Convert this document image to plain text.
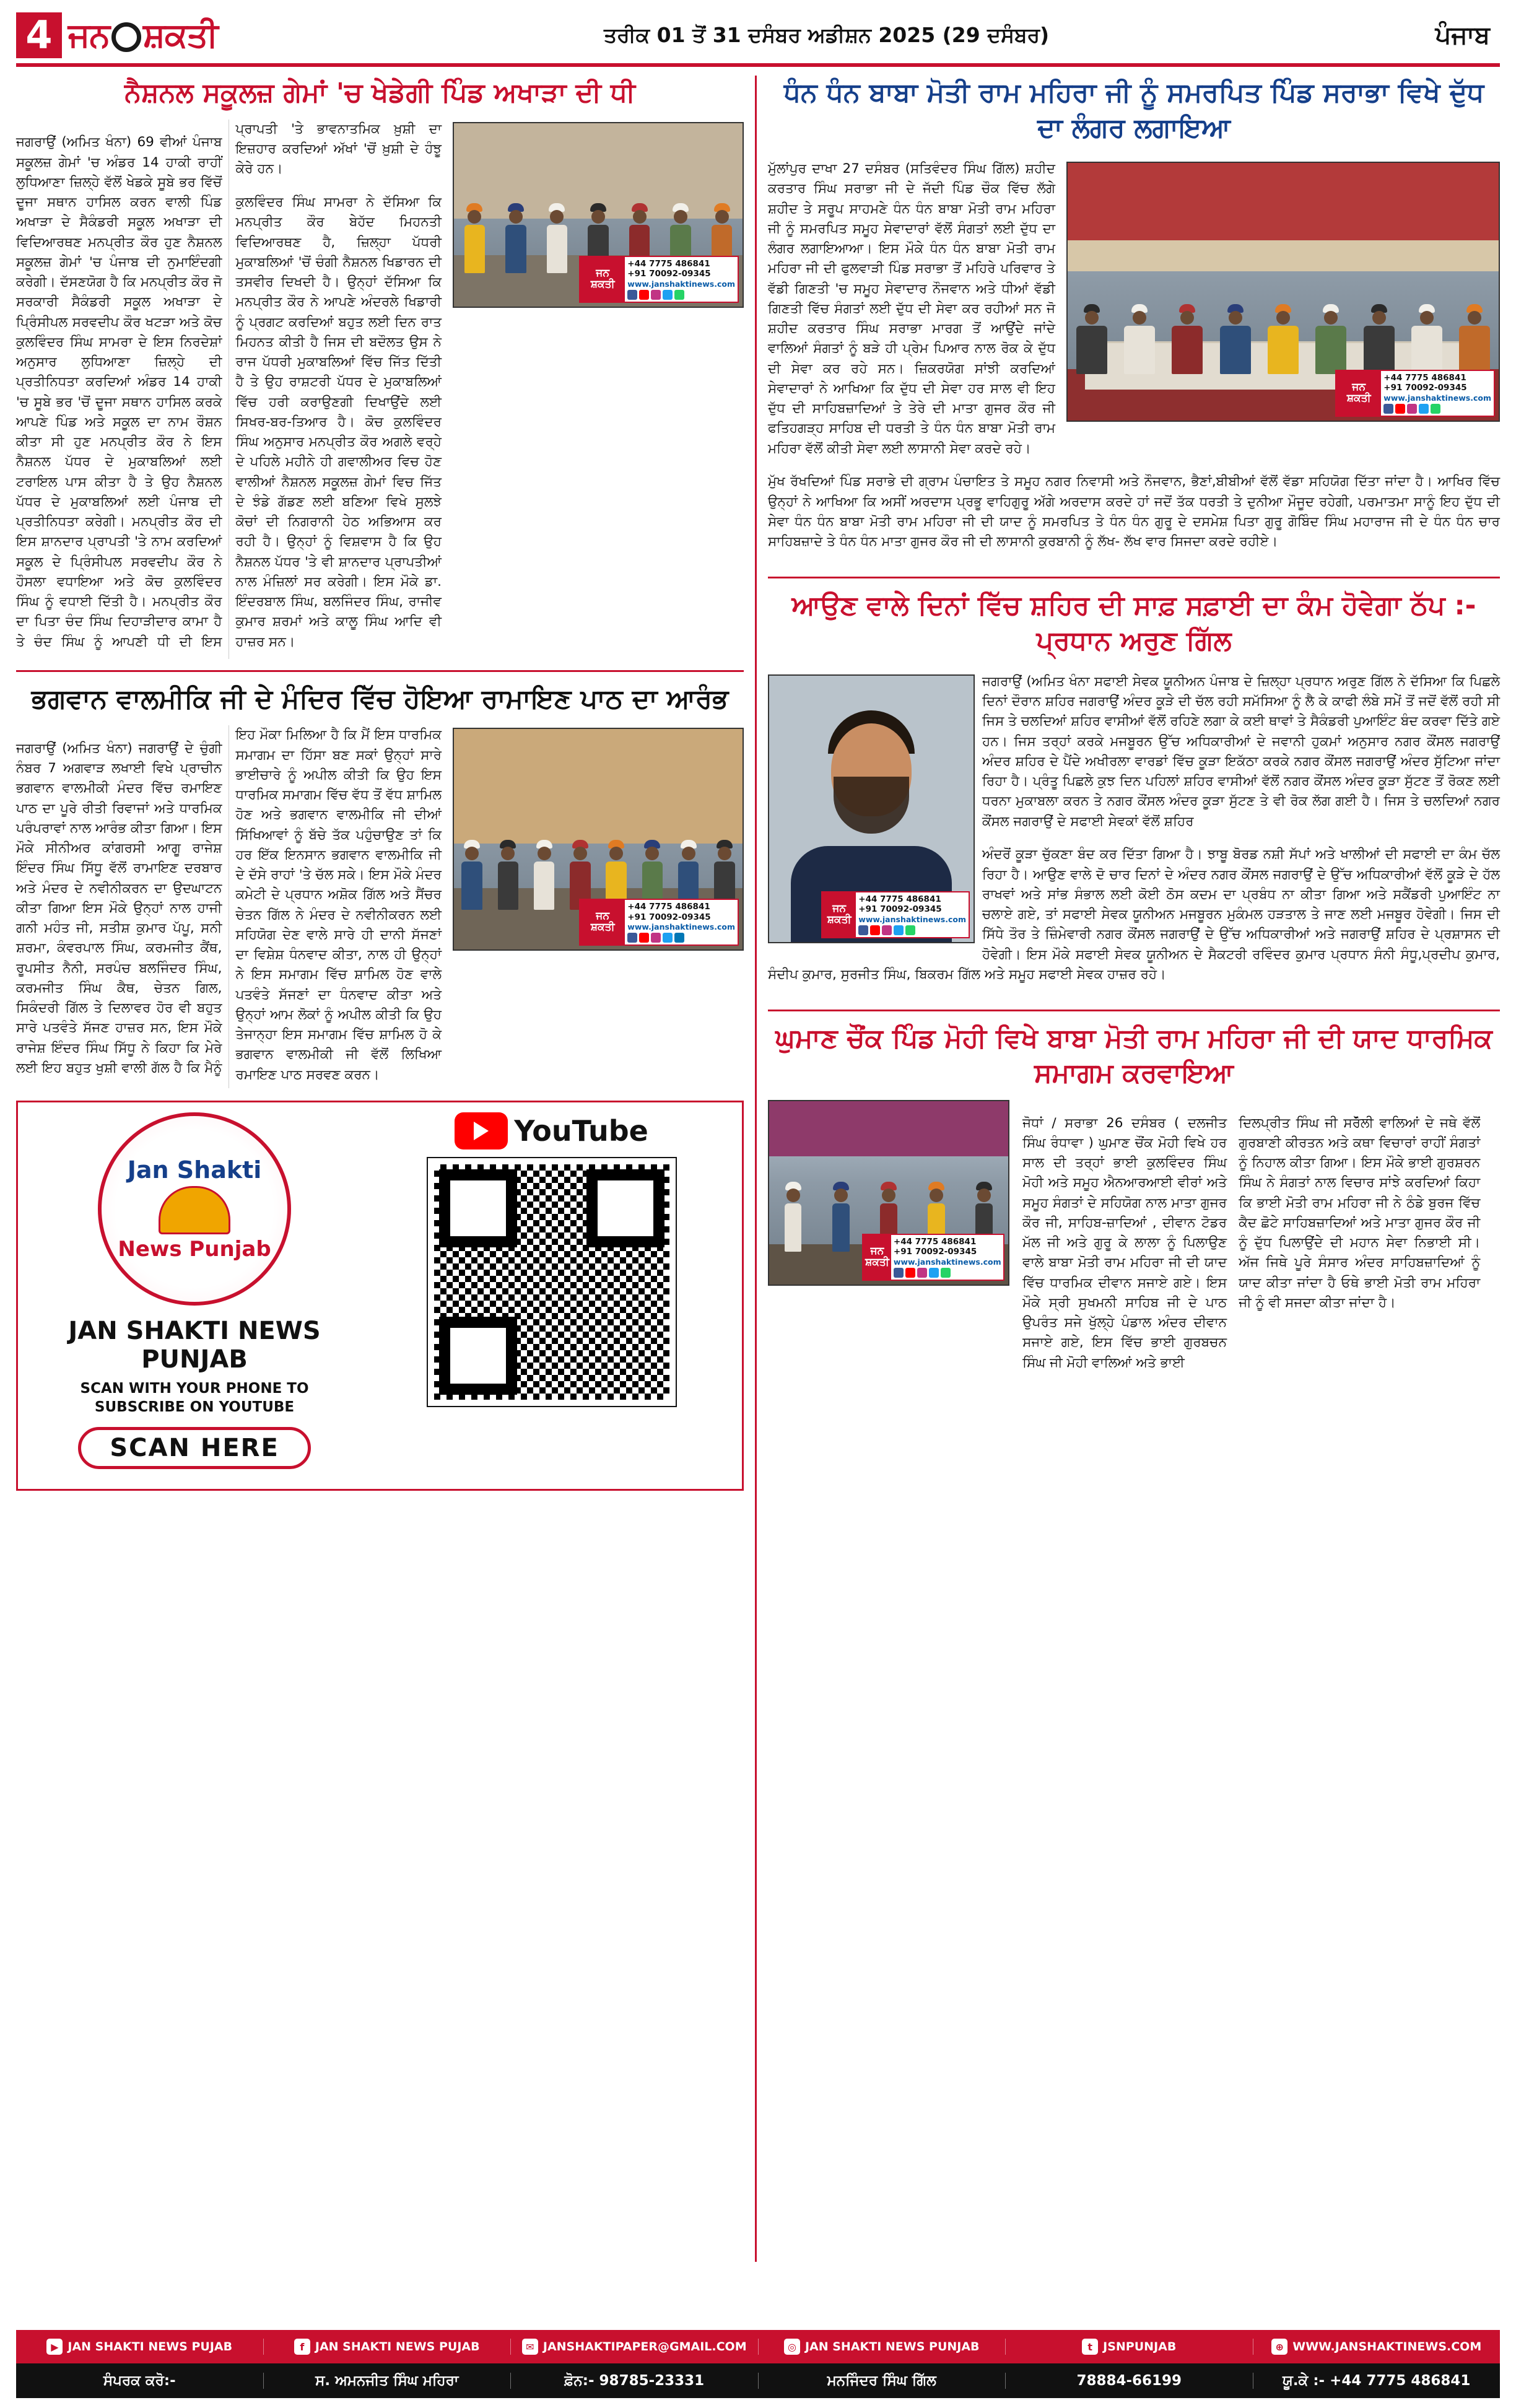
4 ਜਨ ਸ਼ਕਤੀ	ਤਰੀਕ 01 ਤੋਂ 31 ਦਸੰਬਰ ਅਡੀਸ਼ਨ 2025 (29 ਦਸੰਬਰ)	ਪੰਜਾਬ
ਨੈਸ਼ਨਲ ਸਕੂਲਜ਼ ਗੇਮਾਂ 'ਚ ਖੇਡੇਗੀ ਪਿੰਡ ਅਖਾੜਾ ਦੀ ਧੀ
ਜਨ ਸ਼ਕਤੀ
+44 7775 486841
+91 70092-09345
www.janshaktinews.com

ਜਗਰਾਉਂ (ਅਮਿਤ ਖੰਨਾ) 69 ਵੀਆਂ ਪੰਜਾਬ ਸਕੂਲਜ਼ ਗੇਮਾਂ 'ਚ ਅੰਡਰ 14 ਹਾਕੀ ਰਾਹੀਂ ਲੁਧਿਆਣਾ ਜ਼ਿਲ੍ਹੇ ਵੱਲੋਂ ਖੇਡਕੇ ਸੂਬੇ ਭਰ ਵਿੱਚੋਂ ਦੂਜਾ ਸਥਾਨ ਹਾਸਿਲ ਕਰਨ ਵਾਲੀ ਪਿੰਡ ਅਖਾੜਾ ਦੇ ਸੈਕੰਡਰੀ ਸਕੂਲ ਅਖਾੜਾ ਦੀ ਵਿਦਿਆਰਥਣ ਮਨਪ੍ਰੀਤ ਕੌਰ ਹੁਣ ਨੈਸ਼ਨਲ ਸਕੂਲਜ਼ ਗੇਮਾਂ 'ਚ ਪੰਜਾਬ ਦੀ ਨੁਮਾਇੰਦਗੀ ਕਰੇਗੀ। ਦੱਸਣਯੋਗ ਹੈ ਕਿ ਮਨਪ੍ਰੀਤ ਕੌਰ ਜੋ ਸਰਕਾਰੀ ਸੈਕੰਡਰੀ ਸਕੂਲ ਅਖਾੜਾ ਦੇ ਪ੍ਰਿੰਸੀਪਲ ਸਰਵਦੀਪ ਕੌਰ ਖਟੜਾ ਅਤੇ ਕੋਚ ਕੁਲਵਿੰਦਰ ਸਿੰਘ ਸਾਮਰਾ ਦੇ ਇਸ ਨਿਰਦੇਸ਼ਾਂ ਅਨੁਸਾਰ ਲੁਧਿਆਣਾ ਜ਼ਿਲ੍ਹੇ ਦੀ ਪ੍ਰਤੀਨਿਧਤਾ ਕਰਦਿਆਂ ਅੰਡਰ 14 ਹਾਕੀ 'ਚ ਸੂਬੇ ਭਰ 'ਚੋਂ ਦੂਜਾ ਸਥਾਨ ਹਾਸਿਲ ਕਰਕੇ ਆਪਣੇ ਪਿੰਡ ਅਤੇ ਸਕੂਲ ਦਾ ਨਾਮ ਰੌਸ਼ਨ ਕੀਤਾ ਸੀ ਹੁਣ ਮਨਪ੍ਰੀਤ ਕੌਰ ਨੇ ਇਸ ਨੈਸ਼ਨਲ ਪੱਧਰ ਦੇ ਮੁਕਾਬਲਿਆਂ ਲਈ ਟਰਾਇਲ ਪਾਸ ਕੀਤਾ ਹੈ ਤੇ ਉਹ ਨੈਸ਼ਨਲ ਪੱਧਰ ਦੇ ਮੁਕਾਬਲਿਆਂ ਲਈ ਪੰਜਾਬ ਦੀ ਪ੍ਰਤੀਨਿਧਤਾ ਕਰੇਗੀ। ਮਨਪ੍ਰੀਤ ਕੌਰ ਦੀ ਇਸ ਸ਼ਾਨਦਾਰ ਪ੍ਰਾਪਤੀ 'ਤੇ ਨਾਮ ਕਰਦਿਆਂ ਸਕੂਲ ਦੇ ਪ੍ਰਿੰਸੀਪਲ ਸਰਵਦੀਪ ਕੌਰ ਨੇ ਹੌਸਲਾ ਵਧਾਇਆ ਅਤੇ ਕੋਚ ਕੁਲਵਿੰਦਰ ਸਿੰਘ ਨੂੰ ਵਧਾਈ ਦਿੱਤੀ ਹੈ। ਮਨਪ੍ਰੀਤ ਕੌਰ ਦਾ ਪਿਤਾ ਚੰਦ ਸਿੰਘ ਦਿਹਾੜੀਦਾਰ ਕਾਮਾ ਹੈ ਤੇ ਚੰਦ ਸਿੰਘ ਨੂੰ ਆਪਣੀ ਧੀ ਦੀ ਇਸ ਪ੍ਰਾਪਤੀ 'ਤੇ ਭਾਵਨਾਤਮਿਕ ਖ਼ੁਸ਼ੀ ਦਾ ਇਜ਼ਹਾਰ ਕਰਦਿਆਂ ਅੱਖਾਂ 'ਚੋਂ ਖ਼ੁਸ਼ੀ ਦੇ ਹੰਝੂ ਕੇਰੇ ਹਨ।

ਕੁਲਵਿੰਦਰ ਸਿੰਘ ਸਾਮਰਾ ਨੇ ਦੱਸਿਆ ਕਿ ਮਨਪ੍ਰੀਤ ਕੌਰ ਬੇਹੱਦ ਮਿਹਨਤੀ ਵਿਦਿਆਰਥਣ ਹੈ, ਜ਼ਿਲ੍ਹਾ ਪੱਧਰੀ ਮੁਕਾਬਲਿਆਂ 'ਚੋਂ ਚੰਗੀ ਨੈਸ਼ਨਲ ਖਿਡਾਰਨ ਦੀ ਤਸਵੀਰ ਦਿਖਦੀ ਹੈ। ਉਨ੍ਹਾਂ ਦੱਸਿਆ ਕਿ ਮਨਪ੍ਰੀਤ ਕੌਰ ਨੇ ਆਪਣੇ ਅੰਦਰਲੇ ਖਿਡਾਰੀ ਨੂੰ ਪ੍ਰਗਟ ਕਰਦਿਆਂ ਬਹੁਤ ਲਈ ਦਿਨ ਰਾਤ ਮਿਹਨਤ ਕੀਤੀ ਹੈ ਜਿਸ ਦੀ ਬਦੌਲਤ ਉਸ ਨੇ ਰਾਜ ਪੱਧਰੀ ਮੁਕਾਬਲਿਆਂ ਵਿੱਚ ਜਿੱਤ ਦਿੱਤੀ ਹੈ ਤੇ ਉਹ ਰਾਸ਼ਟਰੀ ਪੱਧਰ ਦੇ ਮੁਕਾਬਲਿਆਂ ਵਿੱਚ ਹਰੀ ਕਰਾਉਣਗੀ ਦਿਖਾਉਂਦੇ ਲਈ ਸਿਖਰ-ਬਰ-ਤਿਆਰ ਹੈ। ਕੋਚ ਕੁਲਵਿੰਦਰ ਸਿੰਘ ਅਨੁਸਾਰ ਮਨਪ੍ਰੀਤ ਕੌਰ ਅਗਲੇ ਵਰ੍ਹੇ ਦੇ ਪਹਿਲੇ ਮਹੀਨੇ ਹੀ ਗਵਾਲੀਅਰ ਵਿਚ ਹੋਣ ਵਾਲੀਆਂ ਨੈਸ਼ਨਲ ਸਕੂਲਜ਼ ਗੇਮਾਂ ਵਿਚ ਜਿੱਤ ਦੇ ਝੰਡੇ ਗੱਡਣ ਲਈ ਬਣਿਆ ਵਿਖੇ ਸੁਲਝੇ ਕੋਚਾਂ ਦੀ ਨਿਗਰਾਨੀ ਹੇਠ ਅਭਿਆਸ ਕਰ ਰਹੀ ਹੈ। ਉਨ੍ਹਾਂ ਨੂੰ ਵਿਸ਼ਵਾਸ ਹੈ ਕਿ ਉਹ ਨੈਸ਼ਨਲ ਪੱਧਰ 'ਤੇ ਵੀ ਸ਼ਾਨਦਾਰ ਪ੍ਰਾਪਤੀਆਂ ਨਾਲ ਮੰਜ਼ਿਲਾਂ ਸਰ ਕਰੇਗੀ। ਇਸ ਮੌਕੇ ਡਾ. ਇੰਦਰਬਾਲ ਸਿੰਘ, ਬਲਜਿੰਦਰ ਸਿੰਘ, ਰਾਜੀਵ ਕੁਮਾਰ ਸ਼ਰਮਾਂ ਅਤੇ ਕਾਲੂ ਸਿੰਘ ਆਦਿ ਵੀ ਹਾਜ਼ਰ ਸਨ।

ਭਗਵਾਨ ਵਾਲਮੀਕਿ ਜੀ ਦੇ ਮੰਦਿਰ ਵਿੱਚ ਹੋਇਆ ਰਾਮਾਇਣ ਪਾਠ ਦਾ ਆਰੰਭ
ਜਨ ਸ਼ਕਤੀ
+44 7775 486841
+91 70092-09345
www.janshaktinews.com

ਜਗਰਾਉਂ (ਅਮਿਤ ਖੰਨਾ) ਜਗਰਾਉਂ ਦੇ ਚੁੰਗੀ ਨੰਬਰ 7 ਅਗਵਾੜ ਲਖਾਈ ਵਿਖੇ ਪ੍ਰਾਚੀਨ ਭਗਵਾਨ ਵਾਲਮੀਕੀ ਮੰਦਰ ਵਿੱਚ ਰਮਾਇਣ ਪਾਠ ਦਾ ਪੂਰੇ ਰੀਤੀ ਰਿਵਾਜਾਂ ਅਤੇ ਧਾਰਮਿਕ ਪਰੰਪਰਾਵਾਂ ਨਾਲ ਆਰੰਭ ਕੀਤਾ ਗਿਆ। ਇਸ ਮੌਕੇ ਸੀਨੀਅਰ ਕਾਂਗਰਸੀ ਆਗੂ ਰਾਜੇਸ਼ ਇੰਦਰ ਸਿੰਘ ਸਿੱਧੂ ਵੱਲੋਂ ਰਾਮਾਇਣ ਦਰਬਾਰ ਅਤੇ ਮੰਦਰ ਦੇ ਨਵੀਨੀਕਰਨ ਦਾ ਉਦਘਾਟਨ ਕੀਤਾ ਗਿਆ ਇਸ ਮੌਕੇ ਉਨ੍ਹਾਂ ਨਾਲ ਹਾਜੀ ਗਨੀ ਮਹੰਤ ਜੀ, ਸਤੀਸ਼ ਕੁਮਾਰ ਪੱਪੂ, ਸਨੀ ਸ਼ਰਮਾ, ਕੰਵਰਪਾਲ ਸਿੰਘ, ਕਰਮਜੀਤ ਕੈਂਥ, ਰੂਪਸੀਤ ਨੈਨੀ, ਸਰਪੰਚ ਬਲਜਿੰਦਰ ਸਿੰਘ, ਕਰਮਜੀਤ ਸਿੰਘ ਕੈਥ, ਚੇਤਨ ਗਿਲ, ਸਿਕੰਦਰੀ ਗਿੱਲ ਤੇ ਦਿਲਾਵਰ ਹੋਰ ਵੀ ਬਹੁਤ ਸਾਰੇ ਪਤਵੰਤੇ ਸੱਜਣ ਹਾਜ਼ਰ ਸਨ, ਇਸ ਮੌਕੇ ਰਾਜੇਸ਼ ਇੰਦਰ ਸਿੰਘ ਸਿੱਧੂ ਨੇ ਕਿਹਾ ਕਿ ਮੇਰੇ ਲਈ ਇਹ ਬਹੁਤ ਖੁਸ਼ੀ ਵਾਲੀ ਗੱਲ ਹੈ ਕਿ ਮੈਨੂੰ ਇਹ ਮੌਕਾ ਮਿਲਿਆ ਹੈ ਕਿ ਮੈਂ ਇਸ ਧਾਰਮਿਕ ਸਮਾਗਮ ਦਾ ਹਿੱਸਾ ਬਣ ਸਕਾਂ ਉਨ੍ਹਾਂ ਸਾਰੇ ਭਾਈਚਾਰੇ ਨੂੰ ਅਪੀਲ ਕੀਤੀ ਕਿ ਉਹ ਇਸ ਧਾਰਮਿਕ ਸਮਾਗਮ ਵਿੱਚ ਵੱਧ ਤੋਂ ਵੱਧ ਸ਼ਾਮਿਲ ਹੋਣ ਅਤੇ ਭਗਵਾਨ ਵਾਲਮੀਕਿ ਜੀ ਦੀਆਂ ਸਿੱਖਿਆਵਾਂ ਨੂੰ ਬੱਚੇ ਤੱਕ ਪਹੁੰਚਾਉਣ ਤਾਂ ਕਿ ਹਰ ਇੱਕ ਇਨਸਾਨ ਭਗਵਾਨ ਵਾਲਮੀਕਿ ਜੀ ਦੇ ਦੱਸੇ ਰਾਹਾਂ 'ਤੇ ਚੱਲ ਸਕੇ। ਇਸ ਮੌਕੇ ਮੰਦਰ ਕਮੇਟੀ ਦੇ ਪ੍ਰਧਾਨ ਅਸ਼ੋਕ ਗਿੱਲ ਅਤੇ ਸੈਂਚਰ ਚੇਤਨ ਗਿੱਲ ਨੇ ਮੰਦਰ ਦੇ ਨਵੀਨੀਕਰਨ ਲਈ ਸਹਿਯੋਗ ਦੇਣ ਵਾਲੇ ਸਾਰੇ ਹੀ ਦਾਨੀ ਸੱਜਣਾਂ ਦਾ ਵਿਸ਼ੇਸ਼ ਧੰਨਵਾਦ ਕੀਤਾ, ਨਾਲ ਹੀ ਉਨ੍ਹਾਂ ਨੇ ਇਸ ਸਮਾਗਮ ਵਿੱਚ ਸ਼ਾਮਿਲ ਹੋਣ ਵਾਲੇ ਪਤਵੰਤੇ ਸੱਜਣਾਂ ਦਾ ਧੰਨਵਾਦ ਕੀਤਾ ਅਤੇ ਉਨ੍ਹਾਂ ਆਮ ਲੋਕਾਂ ਨੂੰ ਅਪੀਲ ਕੀਤੀ ਕਿ ਉਹ ਤੇਜਾਨ੍ਹਾ ਇਸ ਸਮਾਗਮ ਵਿੱਚ ਸ਼ਾਮਿਲ ਹੋ ਕੇ ਭਗਵਾਨ ਵਾਲਮੀਕੀ ਜੀ ਵੱਲੋਂ ਲਿਖਿਆ ਰਮਾਇਣ ਪਾਠ ਸਰਵਣ ਕਰਨ।

Jan Shakti
News Punjab
JAN SHAKTI NEWS PUNJAB
SCAN WITH YOUR PHONE TO
SUBSCRIBE ON YOUTUBE
SCAN HERE
YouTube
ਧੰਨ ਧੰਨ ਬਾਬਾ ਮੋਤੀ ਰਾਮ ਮਹਿਰਾ ਜੀ ਨੂੰ ਸਮਰਪਿਤ ਪਿੰਡ ਸਰਾਭਾ ਵਿਖੇ ਦੁੱਧ ਦਾ ਲੰਗਰ ਲਗਾਇਆ
ਜਨ ਸ਼ਕਤੀ
+44 7775 486841
+91 70092-09345
www.janshaktinews.com

ਮੁੱਲਾਂਪੁਰ ਦਾਖਾ 27 ਦਸੰਬਰ (ਸਤਿਵੰਦਰ ਸਿੰਘ ਗਿੱਲ) ਸ਼ਹੀਦ ਕਰਤਾਰ ਸਿੰਘ ਸਰਾਭਾ ਜੀ ਦੇ ਜੱਦੀ ਪਿੰਡ ਚੌਕ ਵਿੱਚ ਲੱਗੇ ਸ਼ਹੀਦ ਤੇ ਸਰੂਪ ਸਾਹਮਣੇ ਧੰਨ ਧੰਨ ਬਾਬਾ ਮੋਤੀ ਰਾਮ ਮਹਿਰਾ ਜੀ ਨੂੰ ਸਮਰਪਿਤ ਸਮੂਹ ਸੇਵਾਦਾਰਾਂ ਵੱਲੋਂ ਸੰਗਤਾਂ ਲਈ ਦੁੱਧ ਦਾ ਲੰਗਰ ਲਗਾਇਆਆ। ਇਸ ਮੌਕੇ ਧੰਨ ਧੰਨ ਬਾਬਾ ਮੋਤੀ ਰਾਮ ਮਹਿਰਾ ਜੀ ਦੀ ਫੁਲਵਾੜੀ ਪਿੰਡ ਸਰਾਭਾ ਤੋਂ ਮਹਿਰੇ ਪਰਿਵਾਰ ਤੇ ਵੱਡੀ ਗਿਣਤੀ 'ਚ ਸਮੂਹ ਸੇਵਾਦਾਰ ਨੌਜਵਾਨ ਅਤੇ ਧੀਆਂ ਵੱਡੀ ਗਿਣਤੀ ਵਿੱਚ ਸੰਗਤਾਂ ਲਈ ਦੁੱਧ ਦੀ ਸੇਵਾ ਕਰ ਰਹੀਆਂ ਸਨ ਜੋ ਸ਼ਹੀਦ ਕਰਤਾਰ ਸਿੰਘ ਸਰਾਭਾ ਮਾਰਗ ਤੋਂ ਆਉਂਦੇ ਜਾਂਦੇ ਵਾਲਿਆਂ ਸੰਗਤਾਂ ਨੂੰ ਬੜੇ ਹੀ ਪ੍ਰੇਮ ਪਿਆਰ ਨਾਲ ਰੋਕ ਕੇ ਦੁੱਧ ਦੀ ਸੇਵਾ ਕਰ ਰਹੇ ਸਨ। ਜ਼ਿਕਰਯੋਗ ਸਾਂਝੀ ਕਰਦਿਆਂ ਸੇਵਾਦਾਰਾਂ ਨੇ ਆਖਿਆ ਕਿ ਦੁੱਧ ਦੀ ਸੇਵਾ ਹਰ ਸਾਲ ਵੀ ਇਹ ਦੁੱਧ ਦੀ ਸਾਹਿਬਜ਼ਾਦਿਆਂ ਤੇ ਤੇਰੇ ਦੀ ਮਾਤਾ ਗੁਜਰ ਕੌਰ ਜੀ ਫਤਿਹਗੜ੍ਹ ਸਾਹਿਬ ਦੀ ਧਰਤੀ ਤੇ ਧੰਨ ਧੰਨ ਬਾਬਾ ਮੋਤੀ ਰਾਮ ਮਹਿਰਾ ਵੱਲੋਂ ਕੀਤੀ ਸੇਵਾ ਲਈ ਲਾਸਾਨੀ ਸੇਵਾ ਕਰਦੇ ਰਹੇ।

ਮੁੱਖ ਰੱਖਦਿਆਂ ਪਿੰਡ ਸਰਾਭੇ ਦੀ ਗ੍ਰਾਮ ਪੰਚਾਇਤ ਤੇ ਸਮੂਹ ਨਗਰ ਨਿਵਾਸੀ ਅਤੇ ਨੌਜਵਾਨ, ਭੈਣਾਂ,ਬੀਬੀਆਂ ਵੱਲੋਂ ਵੱਡਾ ਸਹਿਯੋਗ ਦਿੱਤਾ ਜਾਂਦਾ ਹੈ। ਆਖਿਰ ਵਿੱਚ ਉਨ੍ਹਾਂ ਨੇ ਆਖਿਆ ਕਿ ਅਸੀਂ ਅਰਦਾਸ ਪ੍ਰਭੂ ਵਾਹਿਗੁਰੂ ਅੱਗੇ ਅਰਦਾਸ ਕਰਦੇ ਹਾਂ ਜਦੋਂ ਤੱਕ ਧਰਤੀ ਤੇ ਦੁਨੀਆ ਮੌਜੂਦ ਰਹੇਗੀ, ਪਰਮਾਤਮਾ ਸਾਨੂੰ ਇਹ ਦੁੱਧ ਦੀ ਸੇਵਾ ਧੰਨ ਧੰਨ ਬਾਬਾ ਮੋਤੀ ਰਾਮ ਮਹਿਰਾ ਜੀ ਦੀ ਯਾਦ ਨੂੰ ਸਮਰਪਿਤ ਤੇ ਧੰਨ ਧੰਨ ਗੁਰੂ ਦੇ ਦਸਮੇਸ਼ ਪਿਤਾ ਗੁਰੂ ਗੋਬਿੰਦ ਸਿੰਘ ਮਹਾਰਾਜ ਜੀ ਦੇ ਧੰਨ ਧੰਨ ਚਾਰ ਸਾਹਿਬਜ਼ਾਦੇ ਤੇ ਧੰਨ ਧੰਨ ਮਾਤਾ ਗੁਜਰ ਕੌਰ ਜੀ ਦੀ ਲਾਸਾਨੀ ਕੁਰਬਾਨੀ ਨੂੰ ਲੱਖ- ਲੱਖ ਵਾਰ ਸਿਜਦਾ ਕਰਦੇ ਰਹੀਏ।

ਆਉਣ ਵਾਲੇ ਦਿਨਾਂ ਵਿੱਚ ਸ਼ਹਿਰ ਦੀ ਸਾਫ਼ ਸਫ਼ਾਈ ਦਾ ਕੰਮ ਹੋਵੇਗਾ ਠੱਪ :- ਪ੍ਰਧਾਨ ਅਰੁਣ ਗਿੱਲ
ਜਨ ਸ਼ਕਤੀ
+44 7775 486841
+91 70092-09345
www.janshaktinews.com

ਜਗਰਾਉਂ (ਅਮਿਤ ਖੰਨਾ ਸਫਾਈ ਸੇਵਕ ਯੂਨੀਅਨ ਪੰਜਾਬ ਦੇ ਜ਼ਿਲ੍ਹਾ ਪ੍ਰਧਾਨ ਅਰੁਣ ਗਿੱਲ ਨੇ ਦੱਸਿਆ ਕਿ ਪਿਛਲੇ ਦਿਨਾਂ ਦੌਰਾਨ ਸ਼ਹਿਰ ਜਗਰਾਉਂ ਅੰਦਰ ਕੂੜੇ ਦੀ ਚੱਲ ਰਹੀ ਸਮੱਸਿਆ ਨੂੰ ਲੈ ਕੇ ਕਾਫੀ ਲੰਬੇ ਸਮੇਂ ਤੋਂ ਜਦੋਂ ਵੱਲੋਂ ਰਹੀ ਸੀ ਜਿਸ ਤੇ ਚਲਦਿਆਂ ਸ਼ਹਿਰ ਵਾਸੀਆਂ ਵੱਲੋਂ ਰਹਿਣੇ ਲਗਾ ਕੇ ਕਈ ਥਾਵਾਂ ਤੇ ਸੈਕੰਡਰੀ ਪੁਆਇੰਟ ਬੰਦ ਕਰਵਾ ਦਿੱਤੇ ਗਏ ਹਨ। ਜਿਸ ਤਰ੍ਹਾਂ ਕਰਕੇ ਮਜਬੂਰਨ ਉੱਚ ਅਧਿਕਾਰੀਆਂ ਦੇ ਜਵਾਨੀ ਹੁਕਮਾਂ ਅਨੁਸਾਰ ਨਗਰ ਕੌਂਸਲ ਜਗਰਾਉਂ ਅੰਦਰ ਸ਼ਹਿਰ ਦੇ ਪੈਂਦੇ ਅਖੀਰਲਾ ਵਾਰਡਾਂ ਵਿੱਚ ਕੂੜਾ ਇਕੱਠਾ ਕਰਕੇ ਨਗਰ ਕੌਂਸਲ ਜਗਰਾਉਂ ਅੰਦਰ ਸੁੱਟਿਆ ਜਾਂਦਾ ਰਿਹਾ ਹੈ। ਪ੍ਰੰਤੂ ਪਿਛਲੇ ਕੁਝ ਦਿਨ ਪਹਿਲਾਂ ਸ਼ਹਿਰ ਵਾਸੀਆਂ ਵੱਲੋਂ ਨਗਰ ਕੌਂਸਲ ਅੰਦਰ ਕੂੜਾ ਸੁੱਟਣ ਤੋਂ ਰੋਕਣ ਲਈ ਧਰਨਾ ਮੁਕਾਬਲਾ ਕਰਨ ਤੇ ਨਗਰ ਕੌਂਸਲ ਅੰਦਰ ਕੂੜਾ ਸੁੱਟਣ ਤੇ ਵੀ ਰੋਕ ਲੱਗ ਗਈ ਹੈ। ਜਿਸ ਤੇ ਚਲਦਿਆਂ ਨਗਰ ਕੌਂਸਲ ਜਗਰਾਉਂ ਦੇ ਸਫਾਈ ਸੇਵਕਾਂ ਵੱਲੋਂ ਸ਼ਹਿਰ

ਅੰਦਰੋਂ ਕੂੜਾ ਚੁੱਕਣਾ ਬੰਦ ਕਰ ਦਿੱਤਾ ਗਿਆ ਹੈ। ਝਾਬੂ ਬੋਰਡ ਨਸ਼ੀ ਸੱਪਾਂ ਅਤੇ ਖਾਲੀਆਂ ਦੀ ਸਫਾਈ ਦਾ ਕੰਮ ਚੱਲ ਰਿਹਾ ਹੈ। ਆਉਣ ਵਾਲੇ ਦੋ ਚਾਰ ਦਿਨਾਂ ਦੇ ਅੰਦਰ ਨਗਰ ਕੌਂਸਲ ਜਗਰਾਉਂ ਦੇ ਉੱਚ ਅਧਿਕਾਰੀਆਂ ਵੱਲੋਂ ਕੂੜੇ ਦੇ ਹੱਲ ਰਾਖਵਾਂ ਅਤੇ ਸਾਂਭ ਸੰਭਾਲ ਲਈ ਕੋਈ ਠੋਸ ਕਦਮ ਦਾ ਪ੍ਰਬੰਧ ਨਾ ਕੀਤਾ ਗਿਆ ਅਤੇ ਸਕੈਂਡਰੀ ਪੁਆਇੰਟ ਨਾ ਚਲਾਏ ਗਏ, ਤਾਂ ਸਫਾਈ ਸੇਵਕ ਯੂਨੀਅਨ ਮਜਬੂਰਨ ਮੁਕੰਮਲ ਹੜਤਾਲ ਤੇ ਜਾਣ ਲਈ ਮਜਬੂਰ ਹੋਵੇਗੀ। ਜਿਸ ਦੀ ਸਿੱਧੇ ਤੌਰ ਤੇ ਜ਼ਿੰਮੇਵਾਰੀ ਨਗਰ ਕੌਂਸਲ ਜਗਰਾਉਂ ਦੇ ਉੱਚ ਅਧਿਕਾਰੀਆਂ ਅਤੇ ਜਗਰਾਉਂ ਸ਼ਹਿਰ ਦੇ ਪ੍ਰਸ਼ਾਸਨ ਦੀ ਹੋਵੇਗੀ। ਇਸ ਮੌਕੇ ਸਫਾਈ ਸੇਵਕ ਯੂਨੀਅਨ ਦੇ ਸੈਕਟਰੀ ਰਵਿੰਦਰ ਕੁਮਾਰ ਪ੍ਰਧਾਨ ਸੰਨੀ ਸੰਧੂ,ਪ੍ਰਦੀਪ ਕੁਮਾਰ, ਸੰਦੀਪ ਕੁਮਾਰ, ਸੁਰਜੀਤ ਸਿੰਘ, ਬਿਕਰਮ ਗਿੱਲ ਅਤੇ ਸਮੂਹ ਸਫਾਈ ਸੇਵਕ ਹਾਜ਼ਰ ਰਹੇ।

ਘੁਮਾਣ ਚੌਂਕ ਪਿੰਡ ਮੋਹੀ ਵਿਖੇ ਬਾਬਾ ਮੋਤੀ ਰਾਮ ਮਹਿਰਾ ਜੀ ਦੀ ਯਾਦ ਧਾਰਮਿਕ ਸਮਾਗਮ ਕਰਵਾਇਆ
ਜਨ ਸ਼ਕਤੀ
+44 7775 486841
+91 70092-09345
www.janshaktinews.com

ਜੋਧਾਂ / ਸਰਾਭਾ 26 ਦਸੰਬਰ ( ਦਲਜੀਤ ਸਿੰਘ ਰੰਧਾਵਾ ) ਘੁਮਾਣ ਚੌਂਕ ਮੋਹੀ ਵਿਖੇ ਹਰ ਸਾਲ ਦੀ ਤਰ੍ਹਾਂ ਭਾਈ ਕੁਲਵਿੰਦਰ ਸਿੰਘ ਮੋਹੀ ਅਤੇ ਸਮੂਹ ਐਨਆਰਆਈ ਵੀਰਾਂ ਅਤੇ ਸਮੂਹ ਸੰਗਤਾਂ ਦੇ ਸਹਿਯੋਗ ਨਾਲ ਮਾਤਾ ਗੁਜਰ ਕੌਰ ਜੀ, ਸਾਹਿਬ-ਜ਼ਾਦਿਆਂ , ਦੀਵਾਨ ਟੋਡਰ ਮੱਲ ਜੀ ਅਤੇ ਗੁਰੂ ਕੇ ਲਾਲਾ ਨੂੰ ਪਿਲਾਉਣ ਵਾਲੇ ਬਾਬਾ ਮੋਤੀ ਰਾਮ ਮਹਿਰਾ ਜੀ ਦੀ ਯਾਦ ਵਿੱਚ ਧਾਰਮਿਕ ਦੀਵਾਨ ਸਜਾਏ ਗਏ। ਇਸ ਮੌਕੇ ਸ੍ਰੀ ਸੁਖਮਨੀ ਸਾਹਿਬ ਜੀ ਦੇ ਪਾਠ ਉਪਰੰਤ ਸਜੇ ਖੁੱਲ੍ਹੇ ਪੰਡਾਲ ਅੰਦਰ ਦੀਵਾਨ ਸਜਾਏ ਗਏ, ਇਸ ਵਿੱਚ ਭਾਈ ਗੁਰਬਚਨ ਸਿੰਘ ਜੀ ਮੋਹੀ ਵਾਲਿਆਂ ਅਤੇ ਭਾਈ

ਦਿਲਪ੍ਰੀਤ ਸਿੰਘ ਜੀ ਸਰੋੱਲੀ ਵਾਲਿਆਂ ਦੇ ਜਥੇ ਵੱਲੋਂ ਗੁਰਬਾਣੀ ਕੀਰਤਨ ਅਤੇ ਕਥਾ ਵਿਚਾਰਾਂ ਰਾਹੀਂ ਸੰਗਤਾਂ ਨੂੰ ਨਿਹਾਲ ਕੀਤਾ ਗਿਆ। ਇਸ ਮੌਕੇ ਭਾਈ ਗੁਰਸ਼ਰਨ ਸਿੰਘ ਨੇ ਸੰਗਤਾਂ ਨਾਲ ਵਿਚਾਰ ਸਾਂਝੇ ਕਰਦਿਆਂ ਕਿਹਾ ਕਿ ਭਾਈ ਮੋਤੀ ਰਾਮ ਮਹਿਰਾ ਜੀ ਨੇ ਠੰਡੇ ਬੁਰਜ ਵਿੱਚ ਕੈਦ ਛੋਟੇ ਸਾਹਿਬਜ਼ਾਦਿਆਂ ਅਤੇ ਮਾਤਾ ਗੁਜਰ ਕੌਰ ਜੀ ਨੂੰ ਦੁੱਧ ਪਿਲਾਉਂਦੇ ਦੀ ਮਹਾਨ ਸੇਵਾ ਨਿਭਾਈ ਸੀ। ਅੱਜ ਜਿਥੇ ਪੂਰੇ ਸੰਸਾਰ ਅੰਦਰ ਸਾਹਿਬਜ਼ਾਦਿਆਂ ਨੂੰ ਯਾਦ ਕੀਤਾ ਜਾਂਦਾ ਹੈ ਓਥੇ ਭਾਈ ਮੋਤੀ ਰਾਮ ਮਹਿਰਾ ਜੀ ਨੂੰ ਵੀ ਸਜਦਾ ਕੀਤਾ ਜਾਂਦਾ ਹੈ।

▶ JAN SHAKTI NEWS PUJAB	f JAN SHAKTI NEWS PUJAB	✉ JANSHAKTIPAPER@GMAIL.COM	◎ JAN SHAKTI NEWS PUNJAB	t JSNPUNJAB	⊕ WWW.JANSHAKTINEWS.COM
ਸੰਪਰਕ ਕਰੋ:-	ਸ. ਅਮਨਜੀਤ ਸਿੰਘ ਮਹਿਰਾ	ਫ਼ੋਨ:- 98785-23331	ਮਨਜਿੰਦਰ ਸਿੰਘ ਗਿੱਲ	78884-66199	ਯੂ.ਕੇ :- +44 7775 486841
